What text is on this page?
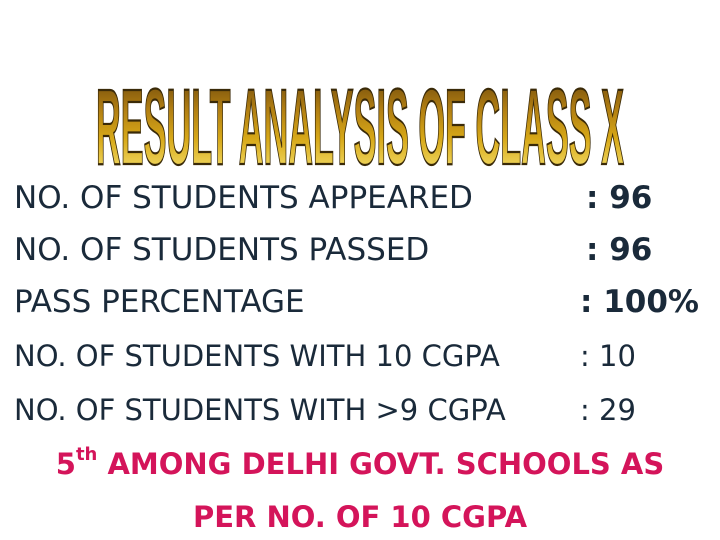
RESULT ANALYSIS OF CLASS X
NO. OF STUDENTS APPEARED	: 96
NO. OF STUDENTS PASSED	: 96
PASS PERCENTAGE	: 100%
NO. OF STUDENTS WITH 10 CGPA	: 10
NO. OF STUDENTS WITH >9 CGPA	: 29
5th AMONG DELHI GOVT. SCHOOLS AS
PER NO. OF 10 CGPA
